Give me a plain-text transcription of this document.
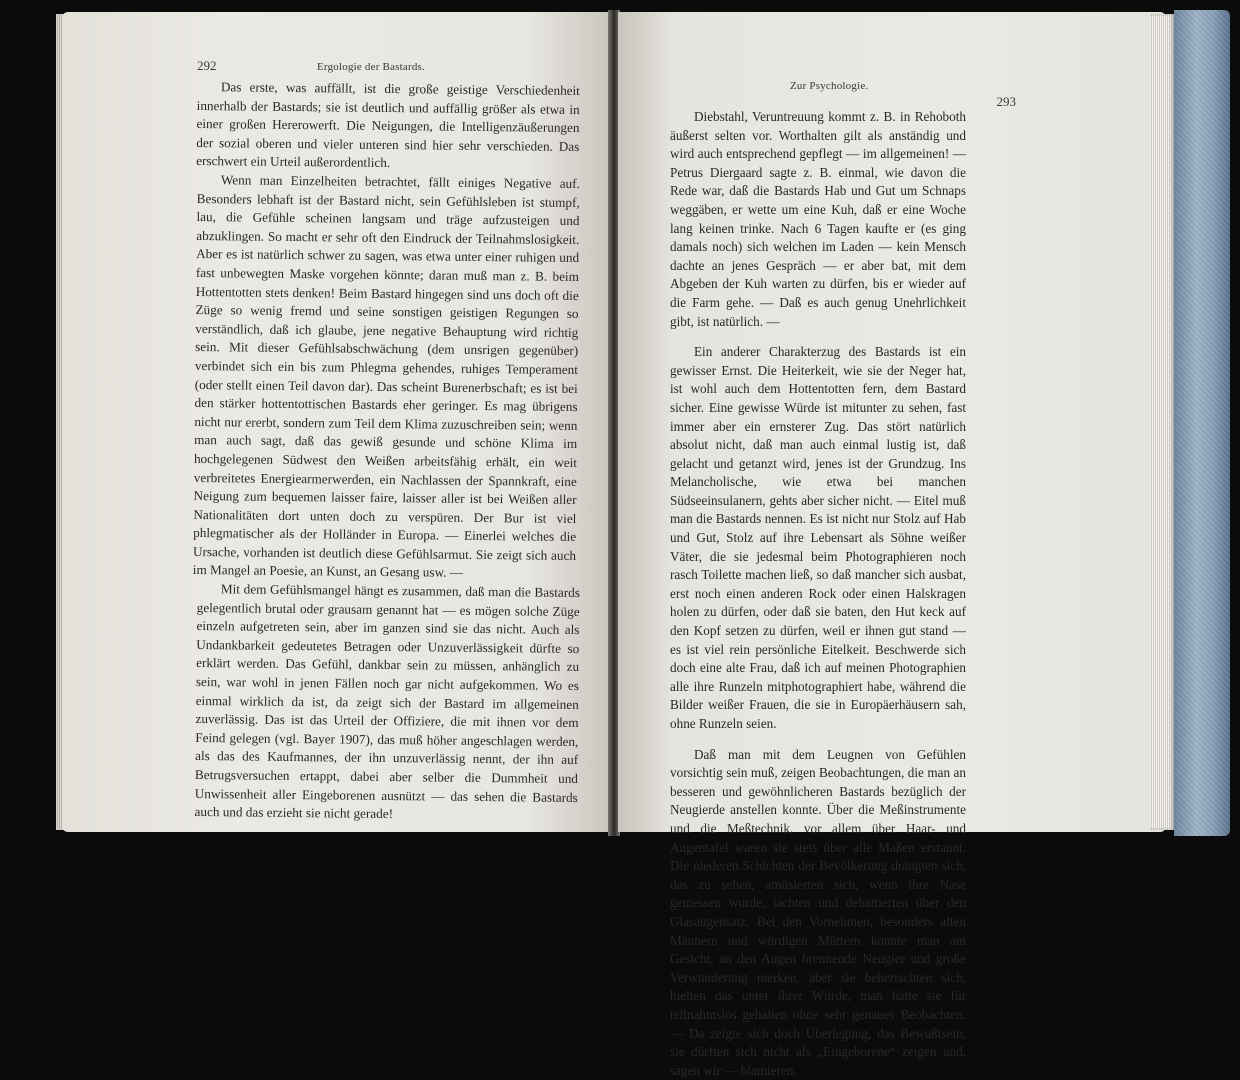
292	Ergologie der Bastards.

Das erste, was auffällt, ist die große geistige Verschiedenheit innerhalb der Bastards; sie ist deutlich und auffällig größer als etwa in einer großen Hererowerft. Die Neigungen, die Intelligenzäußerungen der sozial oberen und vieler unteren sind hier sehr verschieden. Das erschwert ein Urteil außerordentlich.

Wenn man Einzelheiten betrachtet, fällt einiges Negative auf. Besonders lebhaft ist der Bastard nicht, sein Gefühlsleben ist stumpf, lau, die Gefühle scheinen langsam und träge aufzusteigen und abzuklingen. So macht er sehr oft den Eindruck der Teilnahmslosigkeit. Aber es ist natürlich schwer zu sagen, was etwa unter einer ruhigen und fast unbewegten Maske vorgehen könnte; daran muß man z. B. beim Hottentotten stets denken! Beim Bastard hingegen sind uns doch oft die Züge so wenig fremd und seine sonstigen geistigen Regungen so verständlich, daß ich glaube, jene negative Behauptung wird richtig sein. Mit dieser Gefühlsabschwächung (dem unsrigen gegenüber) verbindet sich ein bis zum Phlegma gehendes, ruhiges Temperament (oder stellt einen Teil davon dar). Das scheint Burenerbschaft; es ist bei den stärker hottentottischen Bastards eher geringer. Es mag übrigens nicht nur ererbt, sondern zum Teil dem Klima zuzuschreiben sein; wenn man auch sagt, daß das gewiß gesunde und schöne Klima im hochgelegenen Südwest den Weißen arbeitsfähig erhält, ein weit verbreitetes Energiearmerwerden, ein Nachlassen der Spannkraft, eine Neigung zum bequemen laisser faire, laisser aller ist bei Weißen aller Nationalitäten dort unten doch zu verspüren. Der Bur ist viel phlegmatischer als der Holländer in Europa. — Einerlei welches die Ursache, vorhanden ist deutlich diese Gefühlsarmut. Sie zeigt sich auch im Mangel an Poesie, an Kunst, an Gesang usw. —

Mit dem Gefühlsmangel hängt es zusammen, daß man die Bastards gelegentlich brutal oder grausam genannt hat — es mögen solche Züge einzeln aufgetreten sein, aber im ganzen sind sie das nicht. Auch als Undankbarkeit gedeutetes Betragen oder Unzuverlässigkeit dürfte so erklärt werden. Das Gefühl, dankbar sein zu müssen, anhänglich zu sein, war wohl in jenen Fällen noch gar nicht aufgekommen. Wo es einmal wirklich da ist, da zeigt sich der Bastard im allgemeinen zuverlässig. Das ist das Urteil der Offiziere, die mit ihnen vor dem Feind gelegen (vgl. Bayer 1907), das muß höher angeschlagen werden, als das des Kaufmannes, der ihn unzuverlässig nennt, der ihn auf Betrugsversuchen ertappt, dabei aber selber die Dummheit und Unwissenheit aller Eingeborenen ausnützt — das sehen die Bastards auch und das erzieht sie nicht gerade!

Zur Psychologie.
293

Diebstahl, Veruntreuung kommt z. B. in Rehoboth äußerst selten vor. Worthalten gilt als anständig und wird auch entsprechend gepflegt — im allgemeinen! — Petrus Diergaard sagte z. B. einmal, wie davon die Rede war, daß die Bastards Hab und Gut um Schnaps weggäben, er wette um eine Kuh, daß er eine Woche lang keinen trinke. Nach 6 Tagen kaufte er (es ging damals noch) sich welchen im Laden — kein Mensch dachte an jenes Gespräch — er aber bat, mit dem Abgeben der Kuh warten zu dürfen, bis er wieder auf die Farm gehe. — Daß es auch genug Unehrlichkeit gibt, ist natürlich. —

Ein anderer Charakterzug des Bastards ist ein gewisser Ernst. Die Heiterkeit, wie sie der Neger hat, ist wohl auch dem Hottentotten fern, dem Bastard sicher. Eine gewisse Würde ist mitunter zu sehen, fast immer aber ein ernsterer Zug. Das stört natürlich absolut nicht, daß man auch einmal lustig ist, daß gelacht und getanzt wird, jenes ist der Grundzug. Ins Melancholische, wie etwa bei manchen Südseeinsulanern, gehts aber sicher nicht. — Eitel muß man die Bastards nennen. Es ist nicht nur Stolz auf Hab und Gut, Stolz auf ihre Lebensart als Söhne weißer Väter, die sie jedesmal beim Photographieren noch rasch Toilette machen ließ, so daß mancher sich ausbat, erst noch einen anderen Rock oder einen Halskragen holen zu dürfen, oder daß sie baten, den Hut keck auf den Kopf setzen zu dürfen, weil er ihnen gut stand — es ist viel rein persönliche Eitelkeit. Beschwerde sich doch eine alte Frau, daß ich auf meinen Photographien alle ihre Runzeln mitphotographiert habe, während die Bilder weißer Frauen, die sie in Europäerhäusern sah, ohne Runzeln seien.

Daß man mit dem Leugnen von Gefühlen vorsichtig sein muß, zeigen Beobachtungen, die man an besseren und gewöhnlicheren Bastards bezüglich der Neugierde anstellen konnte. Über die Meßinstrumente und die Meßtechnik, vor allem über Haar- und Augentafel waren sie stets über alle Maßen erstaunt. Die niederen Schichten der Bevölkerung drängten sich, das zu sehen, amüsierten sich, wenn ihre Nase gemessen wurde, lachten und debattierten über den Glasaugensatz. Bei den Vornehmen, besonders alten Männern und würdigen Müttern konnte man am Gesicht, an den Augen brennende Neugier und große Verwunderung merken, aber sie beherrschten sich, hielten das unter ihrer Würde, man hätte sie für teilnahmslos gehalten ohne sehr genaues Beobachten. — Da zeigte sich doch Überlegung, das Bewußtsein, sie dürften sich nicht als „Eingeborene“ zeigen und, sagen wir — blamieren.
